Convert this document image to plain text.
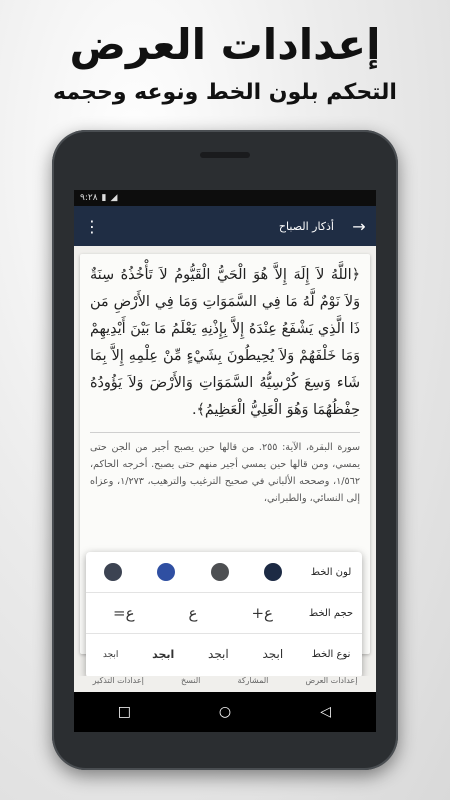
إعدادات العرض
التحكم بلون الخط ونوعه وحجمه
٩:٢٨ ▮ ◢
⋮	أذكار الصباح	→
﴿اللَّهُ لاَ إِلَهَ إِلاَّ هُوَ الْحَيُّ الْقَيُّومُ لاَ تَأْخُذُهُ سِنَةٌ وَلاَ نَوْمٌ لَّهُ مَا فِي السَّمَوَاتِ وَمَا فِي الأَرْضِ مَن ذَا الَّذِي يَشْفَعُ عِنْدَهُ إِلاَّ بِإِذْنِهِ يَعْلَمُ مَا بَيْنَ أَيْدِيهِمْ وَمَا خَلْفَهُمْ وَلاَ يُحِيطُونَ بِشَيْءٍ مِّنْ عِلْمِهِ إِلاَّ بِمَا شَاء وَسِعَ كُرْسِيُّهُ السَّمَوَاتِ وَالأَرْضَ وَلاَ يَؤُودُهُ حِفْظُهُمَا وَهُوَ الْعَلِيُّ الْعَظِيمُ﴾.
سورة البقرة، الآية: ٢٥٥. من قالها حين يصبح أجير من الجن حتى يمسي، ومن قالها حين يمسي أجير منهم حتى يصبح. أخرجه الحاكم، ١/٥٦٢، وصححه الألباني في صحيح الترغيب والترهيب، ١/٢٧٣، وعزاه إلى النسائي، والطبراني،
لون الخط
حجم الخط
ع+
ع
ع=
نوع الخط
ابجد
ابجد
ابجد
ابجد
إعدادات العرض
المشاركة
النسخ
إعدادات التذكير
□	○	◁
